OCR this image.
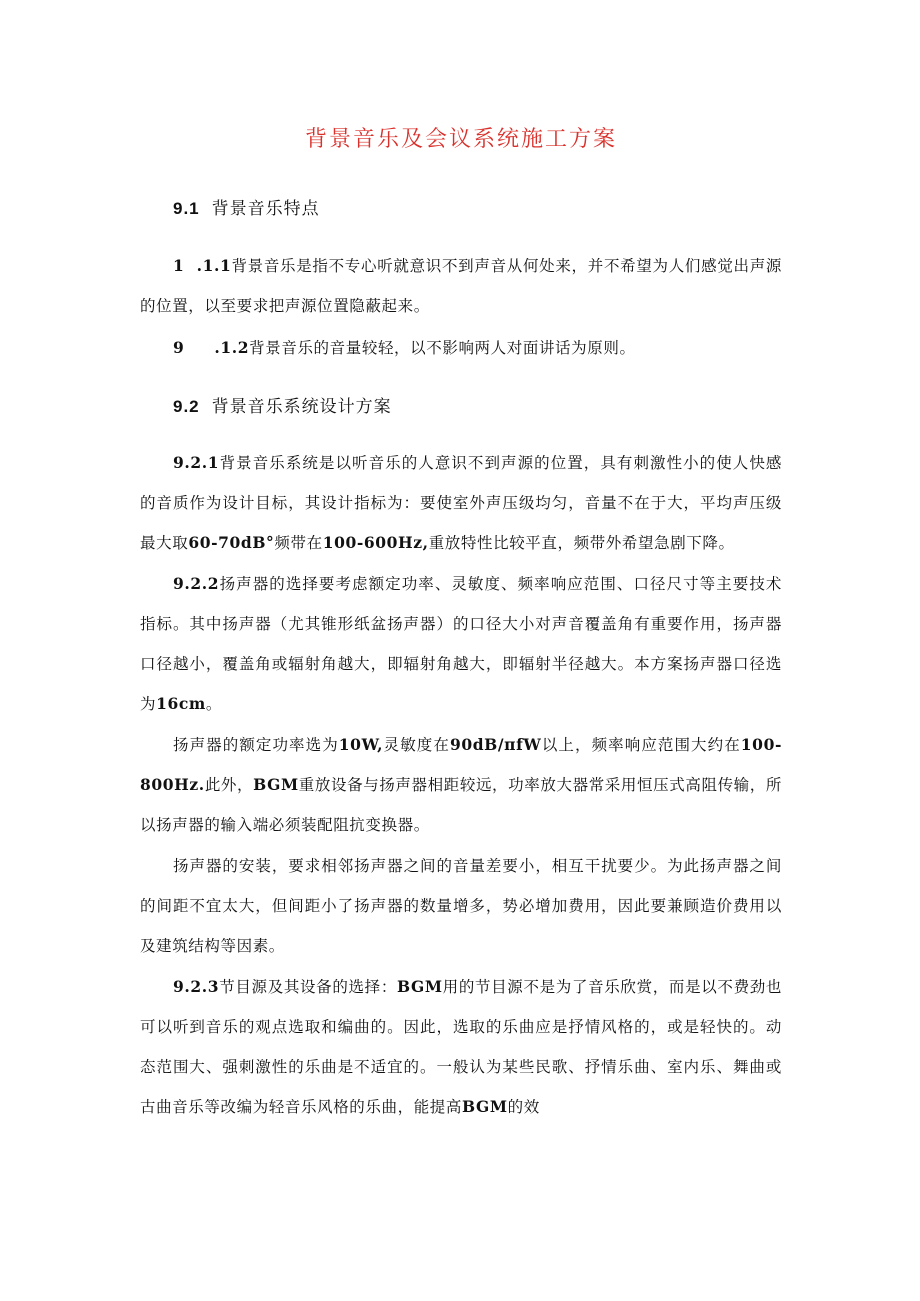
背景音乐及会议系统施工方案
9.1 背景音乐特点

1  .1.1背景音乐是指不专心听就意识不到声音从何处来，并不希望为人们感觉出声源的位置，以至要求把声源位置隐蔽起来。

9     .1.2背景音乐的音量较轻，以不影响两人对面讲话为原则。

9.2 背景音乐系统设计方案

9.2.1背景音乐系统是以听音乐的人意识不到声源的位置，具有刺激性小的使人快感的音质作为设计目标，其设计指标为：要使室外声压级均匀，音量不在于大，平均声压级最大取60-70dB°频带在100-600Hz,重放特性比较平直，频带外希望急剧下降。

9.2.2扬声器的选择要考虑额定功率、灵敏度、频率响应范围、口径尺寸等主要技术指标。其中扬声器（尤其锥形纸盆扬声器）的口径大小对声音覆盖角有重要作用，扬声器口径越小，覆盖角或辐射角越大，即辐射角越大，即辐射半径越大。本方案扬声器口径选为16cm。

扬声器的额定功率选为10W,灵敏度在90dB/πfW以上，频率响应范围大约在100-800Hz.此外，BGM重放设备与扬声器相距较远，功率放大器常采用恒压式高阻传输，所以扬声器的输入端必须装配阻抗变换器。

扬声器的安装，要求相邻扬声器之间的音量差要小，相互干扰要少。为此扬声器之间的间距不宜太大，但间距小了扬声器的数量增多，势必增加费用，因此要兼顾造价费用以及建筑结构等因素。

9.2.3节目源及其设备的选择：BGM用的节目源不是为了音乐欣赏，而是以不费劲也可以听到音乐的观点选取和编曲的。因此，选取的乐曲应是抒情风格的，或是轻快的。动态范围大、强刺激性的乐曲是不适宜的。一般认为某些民歌、抒情乐曲、室内乐、舞曲或古曲音乐等改编为轻音乐风格的乐曲，能提高BGM的效
